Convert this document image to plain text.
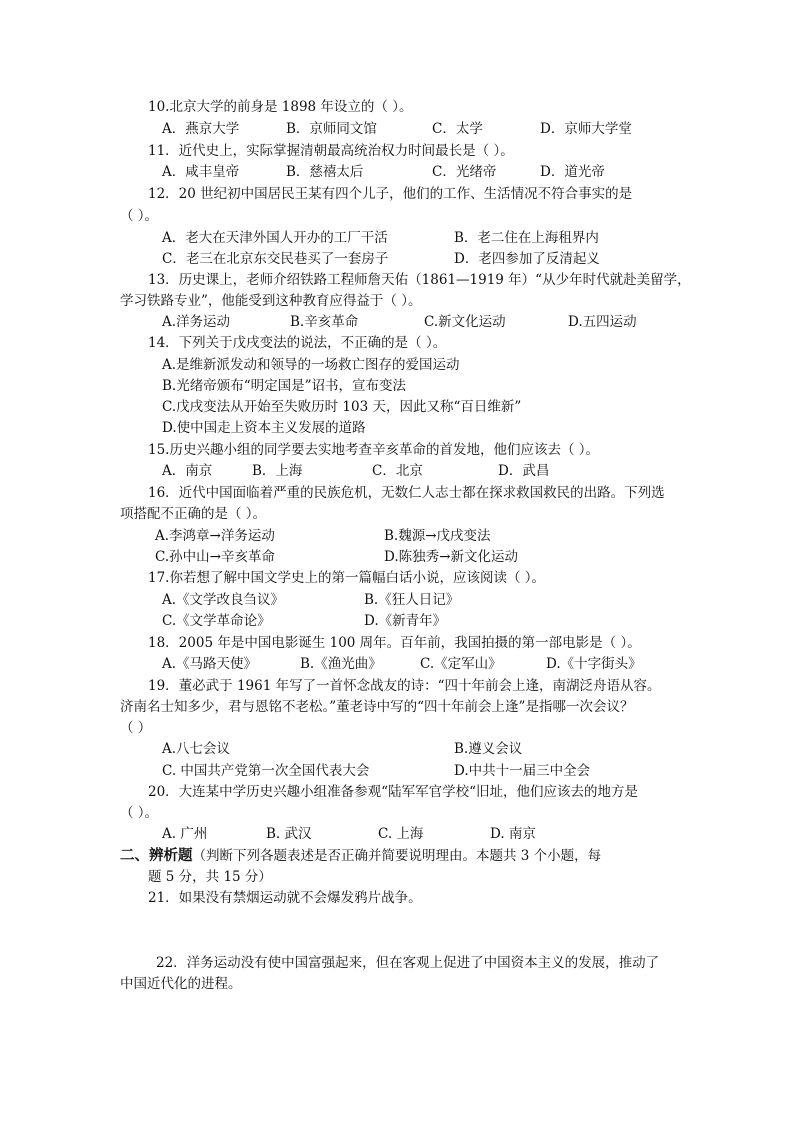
10.北京大学的前身是 1898 年设立的（ ）。
A．燕京大学	B．京师同文馆	C．太学	D．京师大学堂
11．近代史上，实际掌握清朝最高统治权力时间最长是（ ）。
A．咸丰皇帝	B．慈禧太后	C．光绪帝	D．道光帝
12．20 世纪初中国居民王某有四个儿子，他们的工作、生活情况不符合事实的是
（ ）。
A．老大在天津外国人开办的工厂干活	B．老二住在上海租界内
C．老三在北京东交民巷买了一套房子	D．老四参加了反清起义
13．历史课上，老师介绍铁路工程师詹天佑（1861—1919 年）“从少年时代就赴美留学，
学习铁路专业”，他能受到这种教育应得益于（ ）。
A.洋务运动	B.辛亥革命	C.新文化运动	D.五四运动
14．下列关于戊戌变法的说法，不正确的是（ ）。
A.是维新派发动和领导的一场救亡图存的爱国运动
B.光绪帝颁布“明定国是”诏书，宣布变法
C.戊戌变法从开始至失败历时 103 天，因此又称“百日维新”
D.使中国走上资本主义发展的道路
15.历史兴趣小组的同学要去实地考查辛亥革命的首发地，他们应该去（ ）。
A．南京	B．上海	C．北京	D．武昌
16．近代中国面临着严重的民族危机，无数仁人志士都在探求救国救民的出路。下列选
项搭配不正确的是（ ）。
A.李鸿章→洋务运动	B.魏源→戊戌变法
C.孙中山→辛亥革命	D.陈独秀→新文化运动
17.你若想了解中国文学史上的第一篇幅白话小说，应该阅读（ ）。
A.《文学改良刍议》	B.《狂人日记》
C.《文学革命论》	D.《新青年》
18．2005 年是中国电影诞生 100 周年。百年前，我国拍摄的第一部电影是（ ）。
A.《马路天使》	B.《渔光曲》	C.《定军山》	D.《十字街头》
19．董必武于 1961 年写了一首怀念战友的诗：“四十年前会上逢，南湖泛舟语从容。
济南名士知多少，君与恩铭不老松。”董老诗中写的“四十年前会上逢”是指哪一次会议？
（ ）
A.八七会议	B.遵义会议
C. 中国共产党第一次全国代表大会	D.中共十一届三中全会
20．大连某中学历史兴趣小组准备参观“陆军军官学校“旧址，他们应该去的地方是
（ ）。
A. 广州	B. 武汉	C. 上海	D. 南京
二、辨析题（判断下列各题表述是否正确并简要说明理由。本题共 3 个小题，每
题 5 分，共 15 分）
21．如果没有禁烟运动就不会爆发鸦片战争。
22．洋务运动没有使中国富强起来，但在客观上促进了中国资本主义的发展，推动了
中国近代化的进程。
